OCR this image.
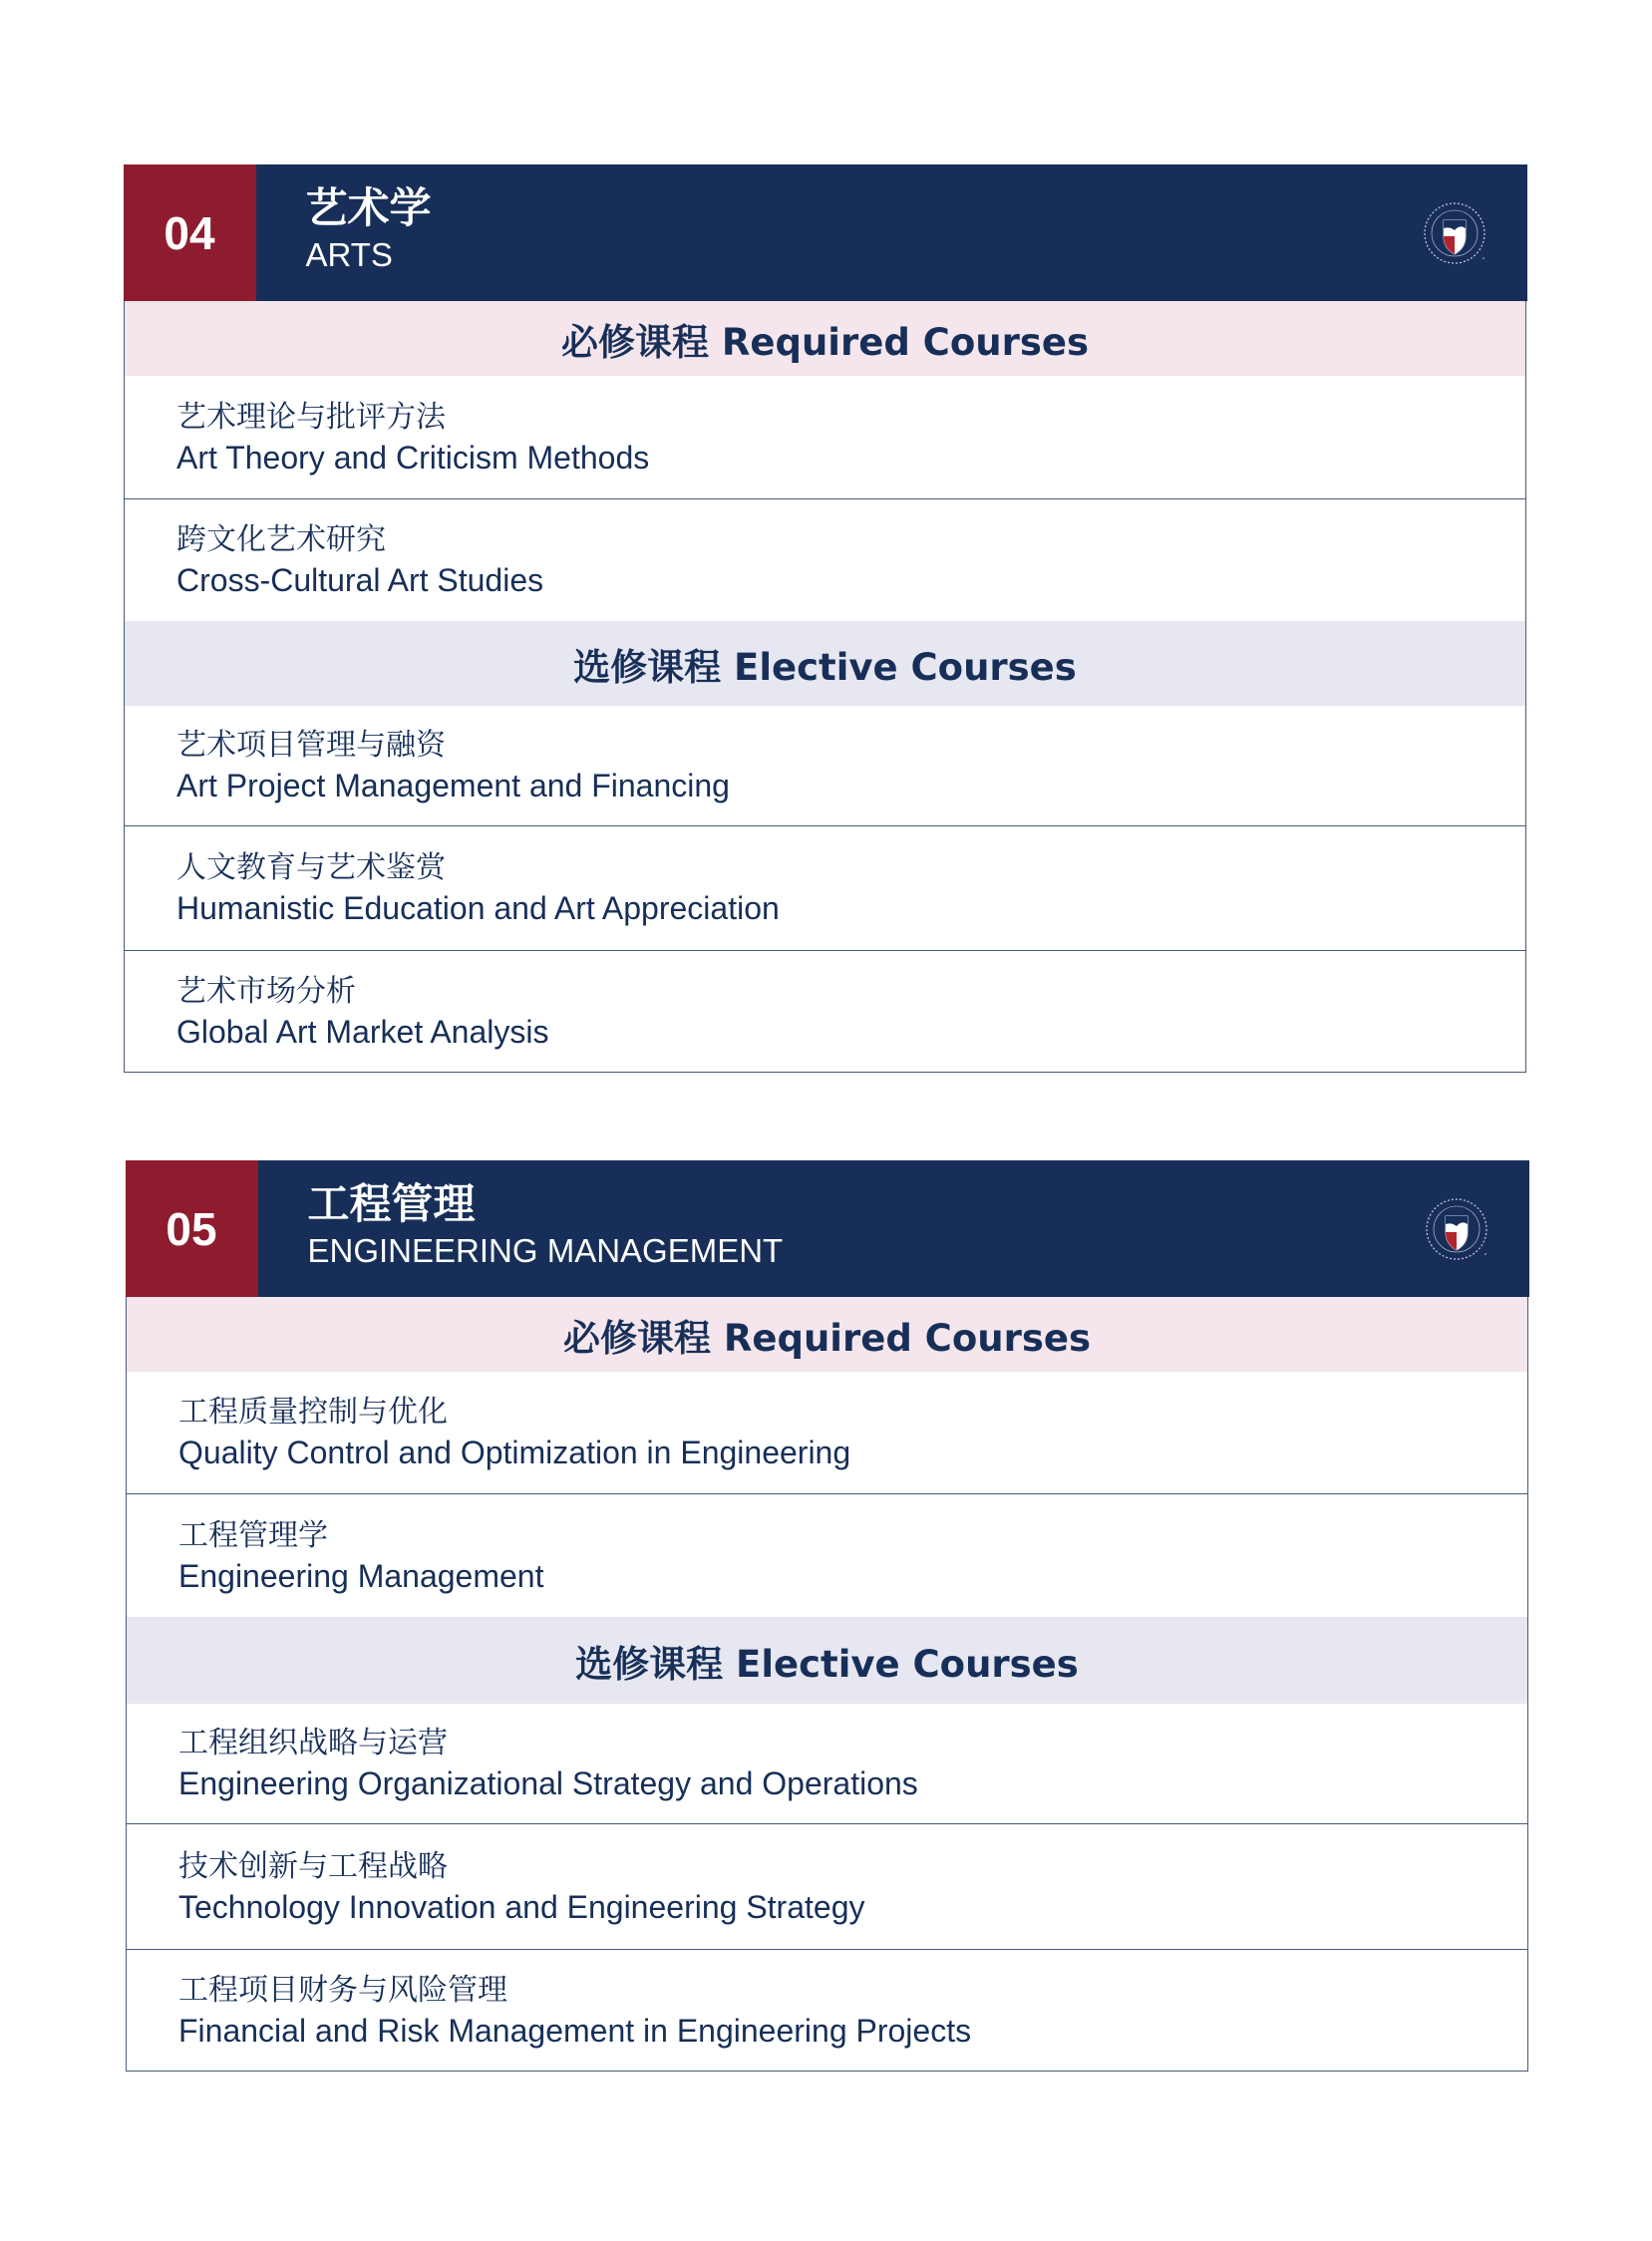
04	艺术学
ARTS
必修课程 Required Courses
艺术理论与批评方法
Art Theory and Criticism Methods
跨文化艺术研究
Cross-Cultural Art Studies
选修课程 Elective Courses
艺术项目管理与融资
Art Project Management and Financing
人文教育与艺术鉴赏
Humanistic Education and Art Appreciation
艺术市场分析
Global Art Market Analysis
05	工程管理
ENGINEERING MANAGEMENT
必修课程 Required Courses
工程质量控制与优化
Quality Control and Optimization in Engineering
工程管理学
Engineering Management
选修课程 Elective Courses
工程组织战略与运营
Engineering Organizational Strategy and Operations
技术创新与工程战略
Technology Innovation and Engineering Strategy
工程项目财务与风险管理
Financial and Risk Management in Engineering Projects
